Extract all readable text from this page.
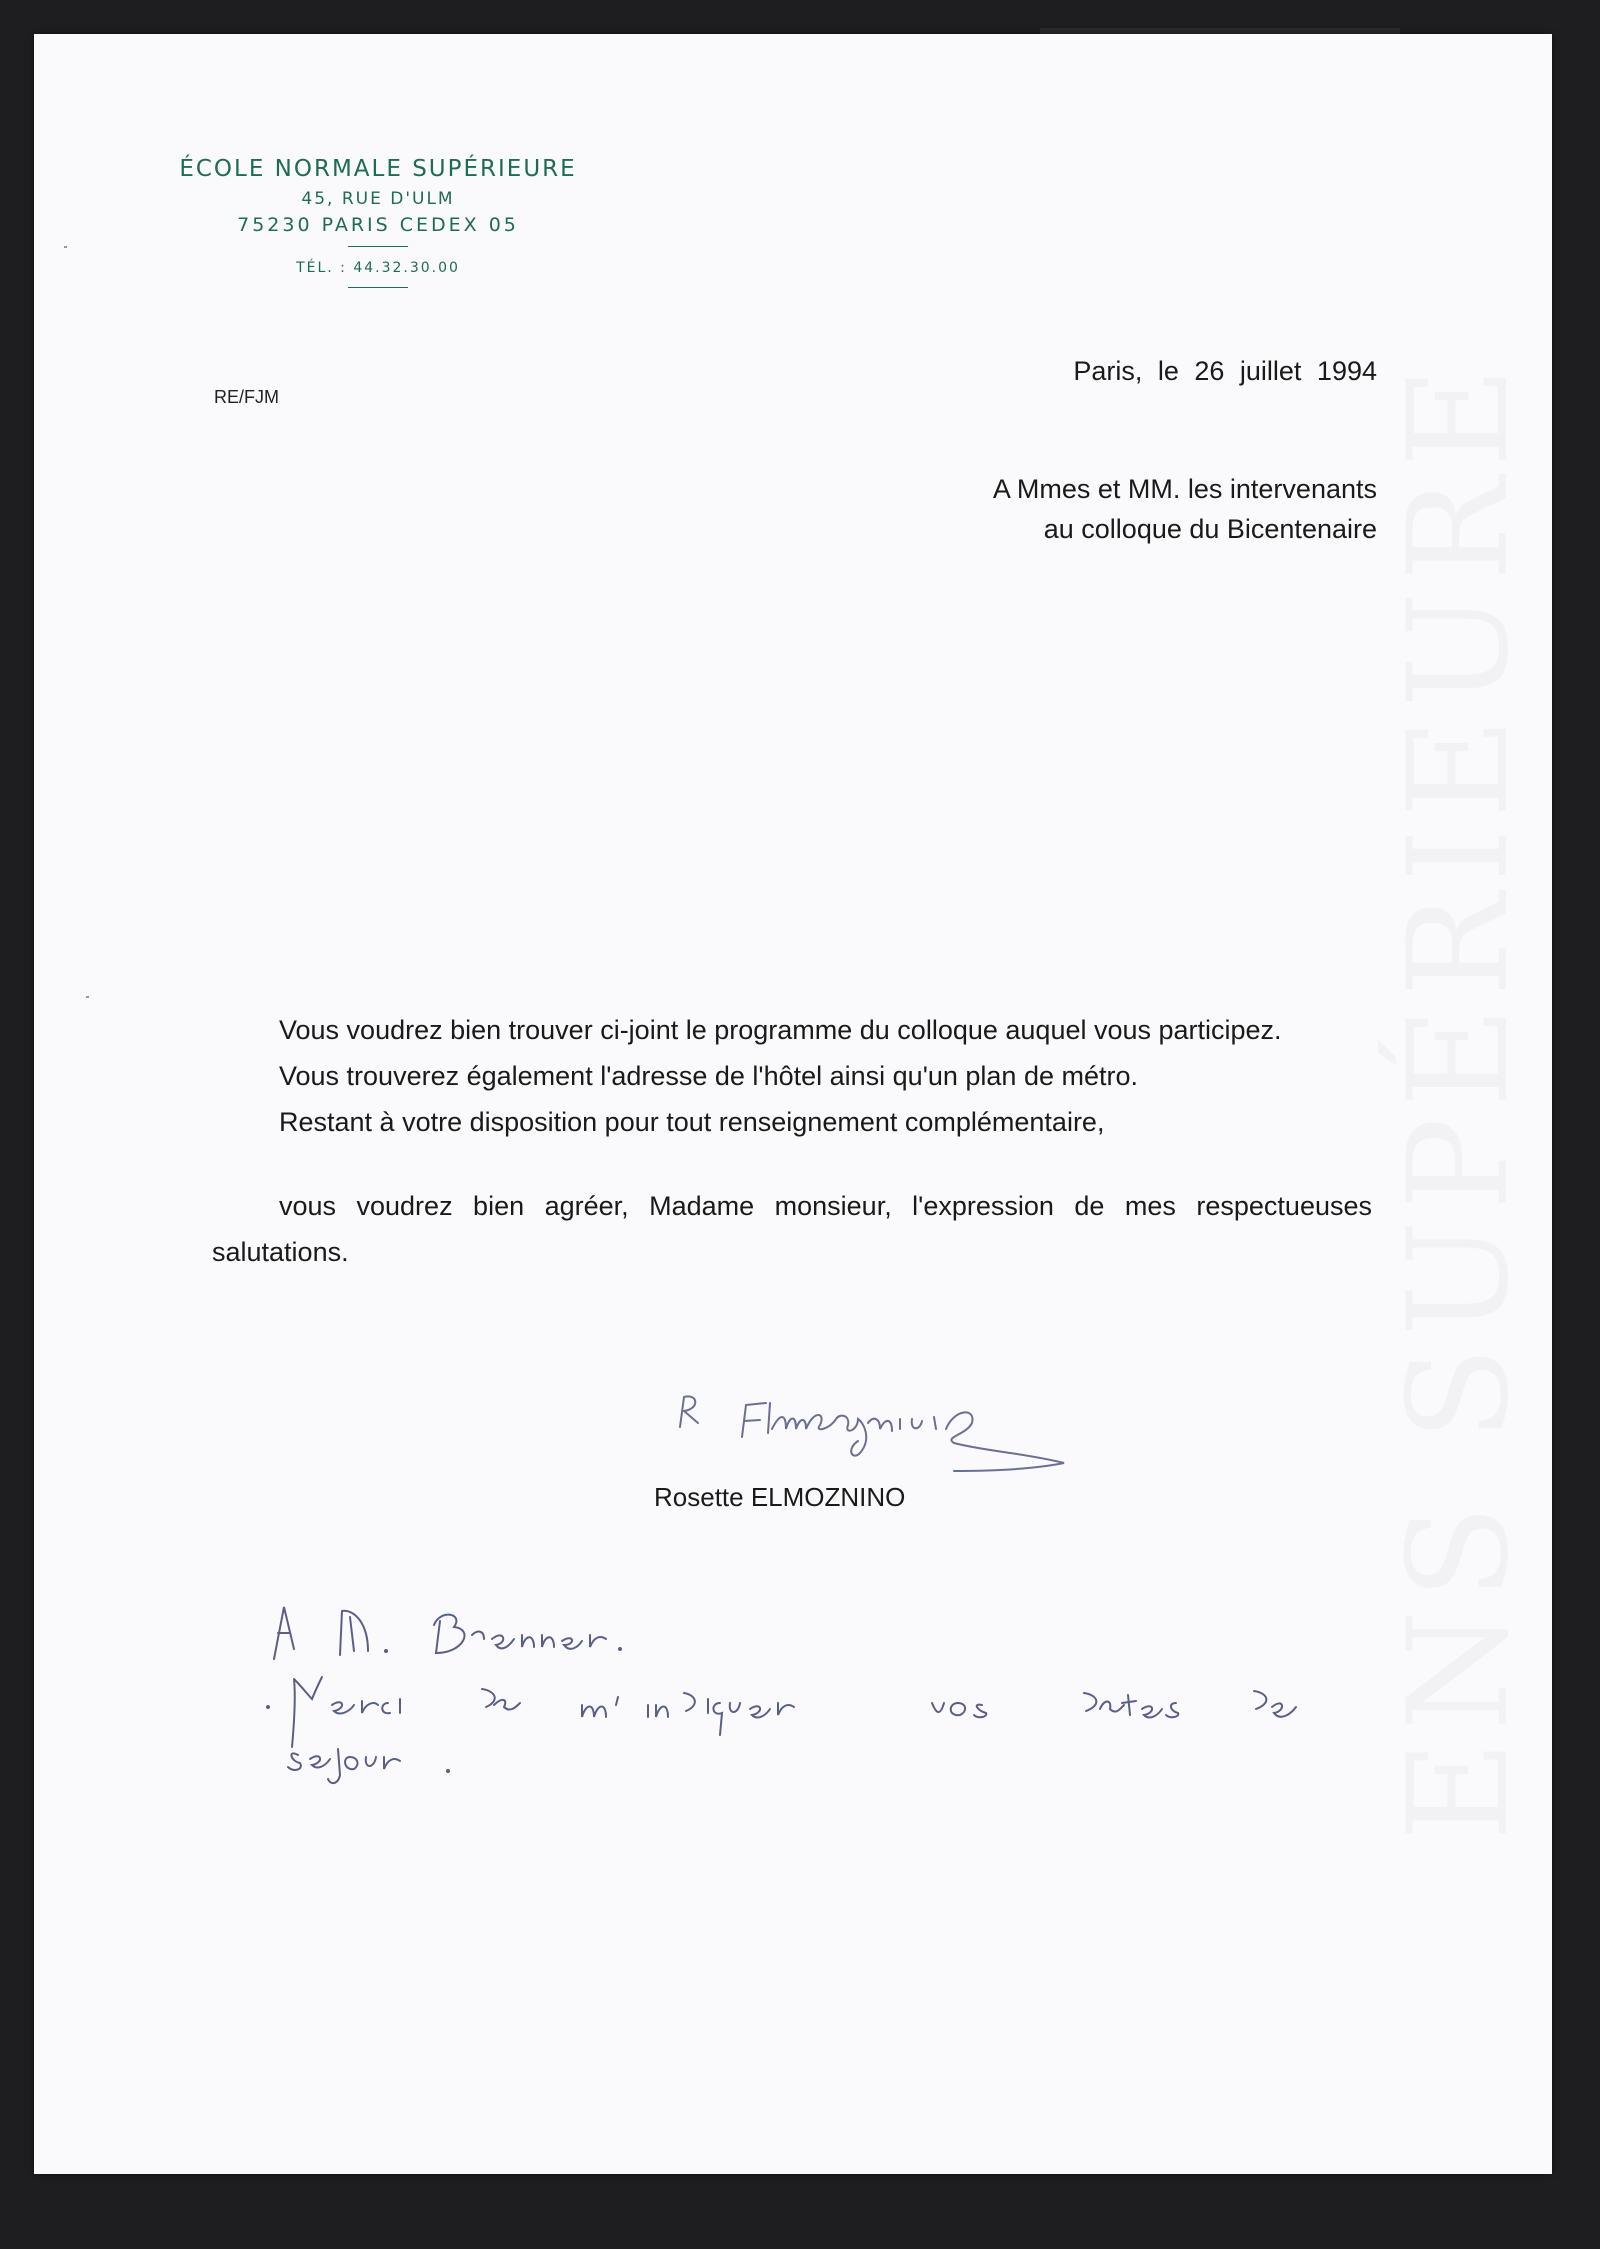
ENS SUPÉRIEURE
ÉCOLE NORMALE SUPÉRIEURE
45, RUE D'ULM
75230 PARIS CEDEX 05
TÉL. : 44.32.30.00
RE/FJM
Paris, le 26 juillet 1994
A Mmes et MM. les intervenants
au colloque du Bicentenaire

Vous voudrez bien trouver ci-joint le programme du colloque auquel vous participez.

Vous trouverez également l'adresse de l'hôtel ainsi qu'un plan de métro.

Restant à votre disposition pour tout renseignement complémentaire,

vous voudrez bien agréer, Madame monsieur, l'expression de mes respectueuses salutations.

Rosette ELMOZNINO
